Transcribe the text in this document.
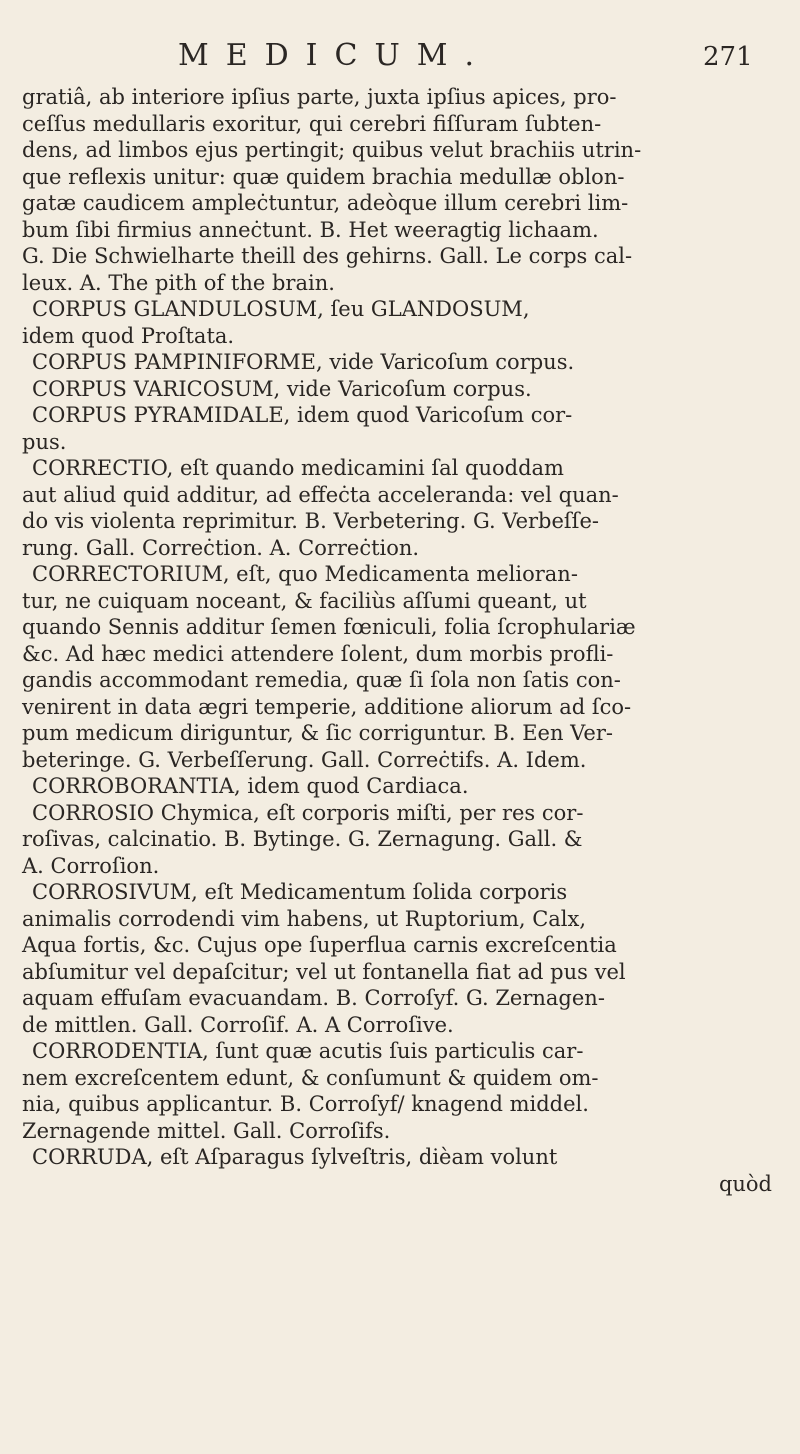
MEDICUM.	271
gratiâ, ab interiore ipſius parte, juxta ipſius apices, pro-
ceſſus medullaris exoritur, qui cerebri fiſſuram ſubten-
dens, ad limbos ejus pertingit; quibus velut brachiis utrin-
que reflexis unitur: quæ quidem brachia medullæ oblon-
gatæ caudicem ampleċtuntur, adeòque illum cerebri lim-
bum ſibi firmius anneċtunt. B. Het weeragtig lichaam.
G. Die Schwielharte theill des gehirns. Gall. Le corps cal-
leux. A. The pith of the brain.
CORPUS GLANDULOSUM, ſeu GLANDOSUM,
idem quod Proſtata.
CORPUS PAMPINIFORME, vide Varicoſum corpus.
CORPUS VARICOSUM, vide Varicoſum corpus.
CORPUS PYRAMIDALE, idem quod Varicoſum cor-
pus.
CORRECTIO, eſt quando medicamini ſal quoddam
aut aliud quid additur, ad effeċta acceleranda: vel quan-
do vis violenta reprimitur. B. Verbetering. G. Verbeſſe-
rung. Gall. Correċtion. A. Correċtion.
CORRECTORIUM, eſt, quo Medicamenta melioran-
tur, ne cuiquam noceant, & faciliùs aſſumi queant, ut
quando Sennis additur ſemen fœniculi, folia ſcrophulariæ
&c. Ad hæc medici attendere ſolent, dum morbis profli-
gandis accommodant remedia, quæ ſi ſola non ſatis con-
venirent in data ægri temperie, additione aliorum ad ſco-
pum medicum diriguntur, & ſic corriguntur. B. Een Ver-
beteringe. G. Verbeſſerung. Gall. Correċtifs. A. Idem.
CORROBORANTIA, idem quod Cardiaca.
CORROSIO Chymica, eſt corporis miſti, per res cor-
roſivas, calcinatio. B. Bytinge. G. Zernagung. Gall. &
A. Corroſion.
CORROSIVUM, eſt Medicamentum ſolida corporis
animalis corrodendi vim habens, ut Ruptorium, Calx,
Aqua fortis, &c. Cujus ope ſuperflua carnis excreſcentia
abſumitur vel depaſcitur; vel ut fontanella fiat ad pus vel
aquam effuſam evacuandam. B. Corroſyf. G. Zernagen-
de mittlen. Gall. Corroſif. A. A Corroſive.
CORRODENTIA, ſunt quæ acutis ſuis particulis car-
nem excreſcentem edunt, & conſumunt & quidem om-
nia, quibus applicantur. B. Corroſyf/ knagend middel.
Zernagende mittel. Gall. Corroſifs.
CORRUDA, eſt Aſparagus ſylveſtris, dièam volunt
quòd
